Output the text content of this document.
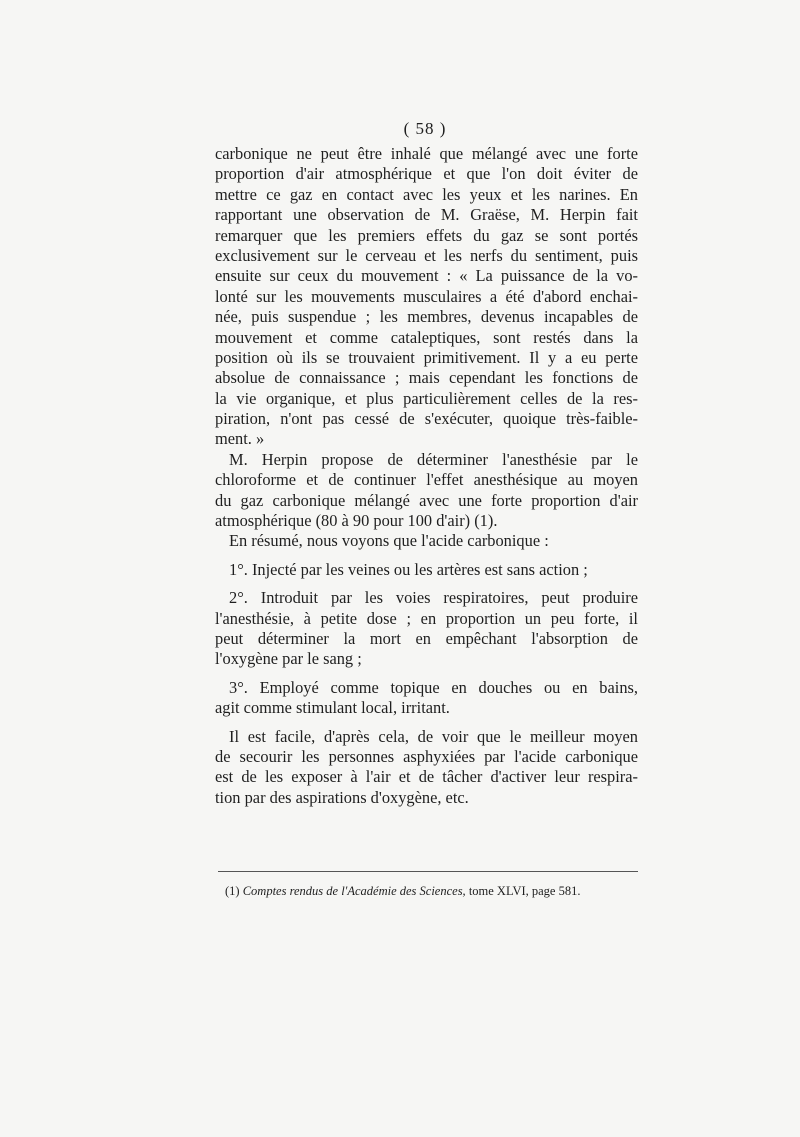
( 58 )
carbonique ne peut être inhalé que mélangé avec une forte
proportion d'air atmosphérique et que l'on doit éviter de
mettre ce gaz en contact avec les yeux et les narines. En
rapportant une observation de M. Graëse, M. Herpin fait
remarquer que les premiers effets du gaz se sont portés
exclusivement sur le cerveau et les nerfs du sentiment, puis
ensuite sur ceux du mouvement : « La puissance de la vo-
lonté sur les mouvements musculaires a été d'abord enchai-
née, puis suspendue ; les membres, devenus incapables de
mouvement et comme cataleptiques, sont restés dans la
position où ils se trouvaient primitivement. Il y a eu perte
absolue de connaissance ; mais cependant les fonctions de
la vie organique, et plus particulièrement celles de la res-
piration, n'ont pas cessé de s'exécuter, quoique très-faible-
ment. »
M. Herpin propose de déterminer l'anesthésie par le
chloroforme et de continuer l'effet anesthésique au moyen
du gaz carbonique mélangé avec une forte proportion d'air
atmosphérique (80 à 90 pour 100 d'air) (1).
En résumé, nous voyons que l'acide carbonique :
1°. Injecté par les veines ou les artères est sans action ;
2°. Introduit par les voies respiratoires, peut produire
l'anesthésie, à petite dose ; en proportion un peu forte, il
peut déterminer la mort en empêchant l'absorption de
l'oxygène par le sang ;
3°. Employé comme topique en douches ou en bains,
agit comme stimulant local, irritant.
Il est facile, d'après cela, de voir que le meilleur moyen
de secourir les personnes asphyxiées par l'acide carbonique
est de les exposer à l'air et de tâcher d'activer leur respira-
tion par des aspirations d'oxygène, etc.
(1) Comptes rendus de l'Académie des Sciences, tome XLVI, page 581.
